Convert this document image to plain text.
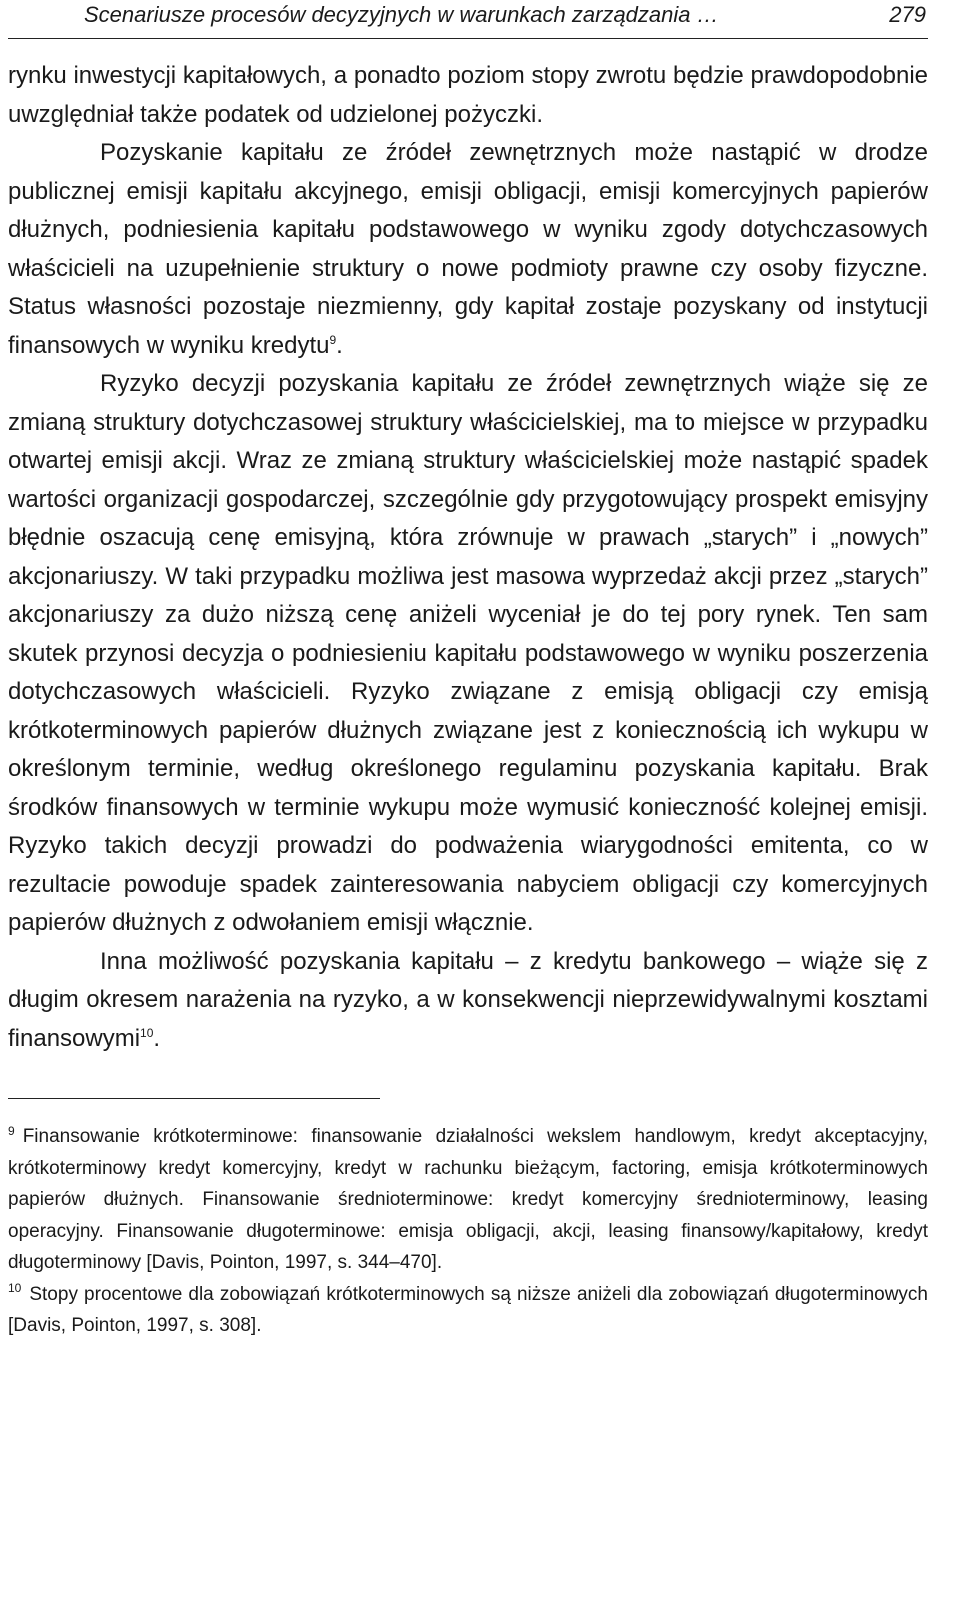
Scenariusze procesów decyzyjnych w warunkach zarządzania …	279

rynku inwestycji kapitałowych, a ponadto poziom stopy zwrotu będzie prawdopodobnie uwzględniał także podatek od udzielonej pożyczki.

Pozyskanie kapitału ze źródeł zewnętrznych może nastąpić w drodze publicznej emisji kapitału akcyjnego, emisji obligacji, emisji komercyjnych papierów dłużnych, podniesienia kapitału podstawowego w wyniku zgody dotychczasowych właścicieli na uzupełnienie struktury o nowe podmioty prawne czy osoby fizyczne. Status własności pozostaje niezmienny, gdy kapitał zostaje pozyskany od instytucji finansowych w wyniku kredytu$^9$.

Ryzyko decyzji pozyskania kapitału ze źródeł zewnętrznych wiąże się ze zmianą struktury dotychczasowej struktury właścicielskiej, ma to miejsce w przypadku otwartej emisji akcji. Wraz ze zmianą struktury właścicielskiej może nastąpić spadek wartości organizacji gospodarczej, szczególnie gdy przygotowujący prospekt emisyjny błędnie oszacują cenę emisyjną, która zrównuje w prawach „starych” i „nowych” akcjonariuszy. W taki przypadku możliwa jest masowa wyprzedaż akcji przez „starych” akcjonariuszy za dużo niższą cenę aniżeli wyceniał je do tej pory rynek. Ten sam skutek przynosi decyzja o podniesieniu kapitału podstawowego w wyniku poszerzenia dotychczasowych właścicieli. Ryzyko związane z emisją obligacji czy emisją krótkoterminowych papierów dłużnych związane jest z koniecznością ich wykupu w określonym terminie, według określonego regulaminu pozyskania kapitału. Brak środków finansowych w terminie wykupu może wymusić konieczność kolejnej emisji. Ryzyko takich decyzji prowadzi do podważenia wiarygodności emitenta, co w rezultacie powoduje spadek zainteresowania nabyciem obligacji czy komercyjnych papierów dłużnych z odwołaniem emisji włącznie.

Inna możliwość pozyskania kapitału – z kredytu bankowego – wiąże się z długim okresem narażenia na ryzyko, a w konsekwencji nieprzewidywalnymi kosztami finansowymi$^{10}$.

$^9$ Finansowanie krótkoterminowe: finansowanie działalności wekslem handlowym, kredyt akceptacyjny, krótkoterminowy kredyt komercyjny, kredyt w rachunku bieżącym, factoring, emisja krótkoterminowych papierów dłużnych. Finansowanie średnioterminowe: kredyt komercyjny średnioterminowy, leasing operacyjny. Finansowanie długoterminowe: emisja obligacji, akcji, leasing finansowy/kapitałowy, kredyt długoterminowy [Davis, Pointon, 1997, s. 344–470].

$^{10}$ Stopy procentowe dla zobowiązań krótkoterminowych są niższe aniżeli dla zobowiązań długoterminowych [Davis, Pointon, 1997, s. 308].
